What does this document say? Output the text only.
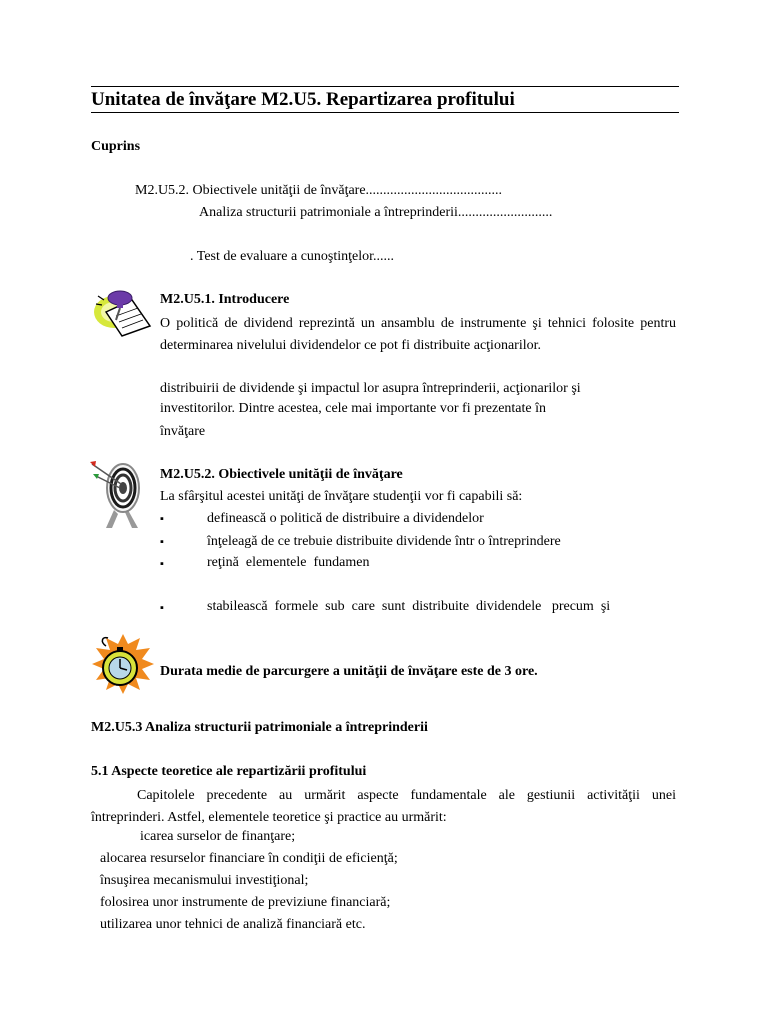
Unitatea de învăţare M2.U5. Repartizarea profitului
Cuprins
M2.U5.2. Obiectivele unităţii de învăţare.......................................
Analiza structurii patrimoniale a întreprinderii...........................
. Test de evaluare a cunoştinţelor......
M2.U5.1. Introducere
O politică de dividend reprezintă un ansamblu de instrumente şi tehnici folosite pentru determinarea nivelului dividendelor ce pot fi distribuite acţionarilor.
distribuirii de dividende şi impactul lor asupra întreprinderii, acţionarilor şi
investitorilor. Dintre acestea, cele mai importante vor fi prezentate în
învăţare
M2.U5.2. Obiectivele unităţii de învăţare
La sfârşitul acestei unităţi de învăţare studenţii vor fi capabili să:
▪	definească o politică de distribuire a dividendelor
▪	înţeleagă de ce trebuie distribuite dividende într o întreprindere
▪	reţină  elementele  fundamen
▪	stabilească  formele  sub  care  sunt  distribuite  dividendele   precum  şi
Durata medie de parcurgere a unităţii de învăţare este de 3 ore.
M2.U5.3 Analiza structurii patrimoniale a întreprinderii
5.1 Aspecte teoretice ale repartizării profitului
Capitolele precedente au urmărit aspecte fundamentale ale gestiunii activităţii unei întreprinderi. Astfel, elementele teoretice şi practice au urmărit:
icarea surselor de finanţare;
alocarea resurselor financiare în condiţii de eficienţă;
însuşirea mecanismului investiţional;
folosirea unor instrumente de previziune financiară;
utilizarea unor tehnici de analiză financiară etc.
